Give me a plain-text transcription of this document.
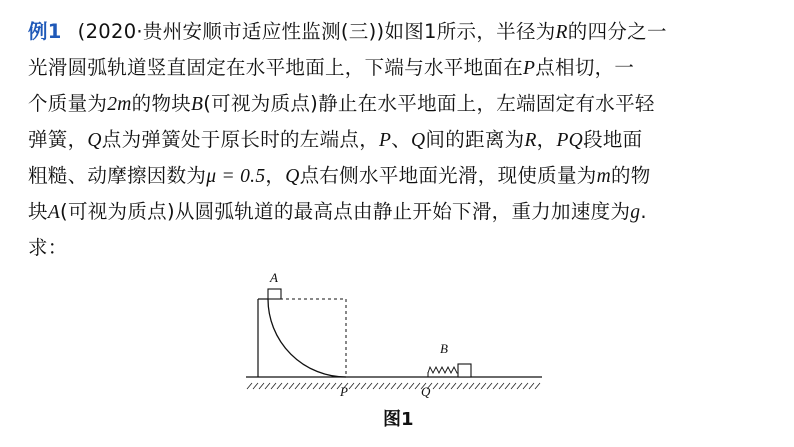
例1 (2020·贵州安顺市适应性监测(三))如图1所示，半径为R的四分之一

光滑圆弧轨道竖直固定在水平地面上，下端与水平地面在P点相切，一

个质量为2m的物块B(可视为质点)静止在水平地面上，左端固定有水平轻

弹簧，Q点为弹簧处于原长时的左端点，P、Q间的距离为R，PQ段地面

粗糙、动摩擦因数为μ = 0.5，Q点右侧水平地面光滑，现使质量为m的物

块A(可视为质点)从圆弧轨道的最高点由静止开始下滑，重力加速度为g.

求：

A
P
B
Q
图1
